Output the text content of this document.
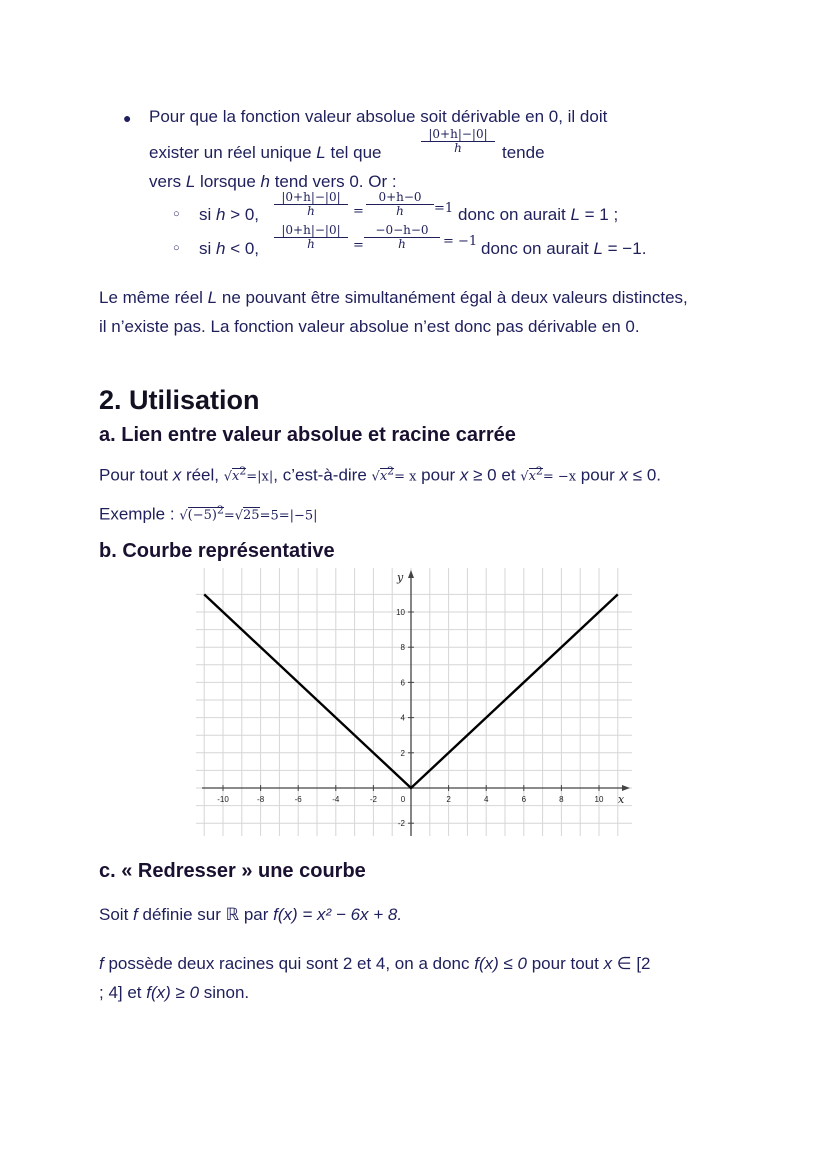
● Pour que la fonction valeur absolue soit dérivable en 0, il doit
exister un réel unique L tel que
|0+h|−|0|
h	tende
vers L lorsque h tend vers 0. Or :
○ si h > 0,
|0+h|−|0|
h	=
0+h−0
h	=1 donc on aurait L = 1 ;
○ si h < 0,
|0+h|−|0|
h	=
−0−h−0
h	= −1 donc on aurait L = −1.
Le même réel L ne pouvant être simultanément égal à deux valeurs distinctes, il n’existe pas. La fonction valeur absolue n’est donc pas dérivable en 0.
2. Utilisation
a. Lien entre valeur absolue et racine carrée
Pour tout x réel, $√x^2=|x|$, c’est-à-dire $√x^2= x$ pour x ≥ 0 et $√x^2= -x$ pour x ≤ 0.
Exemple : $√(-5)^2=√25=5=|-5|$
b. Courbe représentative
-10	-8	-6	-4	-2	0	2	4	6	8	10
-2
2
4
6
8
10
x
y
c. « Redresser » une courbe
Soit f définie sur ℝ par f(x) = x² − 6x + 8.
f possède deux racines qui sont 2 et 4, on a donc f(x) ≤ 0 pour tout x ∈ [2 ; 4] et f(x) ≥ 0 sinon.
